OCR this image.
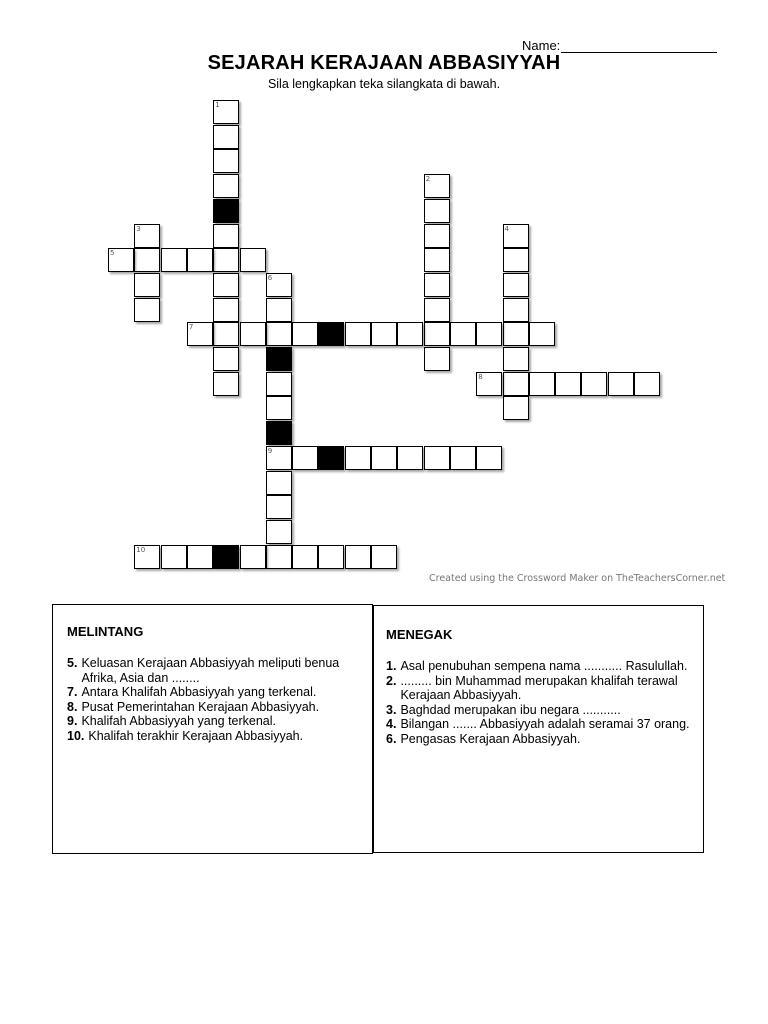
Name:
SEJARAH KERAJAAN ABBASIYYAH
Sila lengkapkan teka silangkata di bawah.
1
2
3	4
5
6
9
7
8
10
Created using the Crossword Maker on TheTeachersCorner.net
MELINTANG
5. Keluasan Kerajaan Abbasiyyah meliputi benua Afrika, Asia dan ........
7. Antara Khalifah Abbasiyyah yang terkenal.
8. Pusat Pemerintahan Kerajaan Abbasiyyah.
9. Khalifah Abbasiyyah yang terkenal.
10. Khalifah terakhir Kerajaan Abbasiyyah.
MENEGAK
1. Asal penubuhan sempena nama ........... Rasulullah.
2. ......... bin Muhammad merupakan khalifah terawal Kerajaan Abbasiyyah.
3. Baghdad merupakan ibu negara ...........
4. Bilangan ....... Abbasiyyah adalah seramai 37 orang.
6. Pengasas Kerajaan Abbasiyyah.
